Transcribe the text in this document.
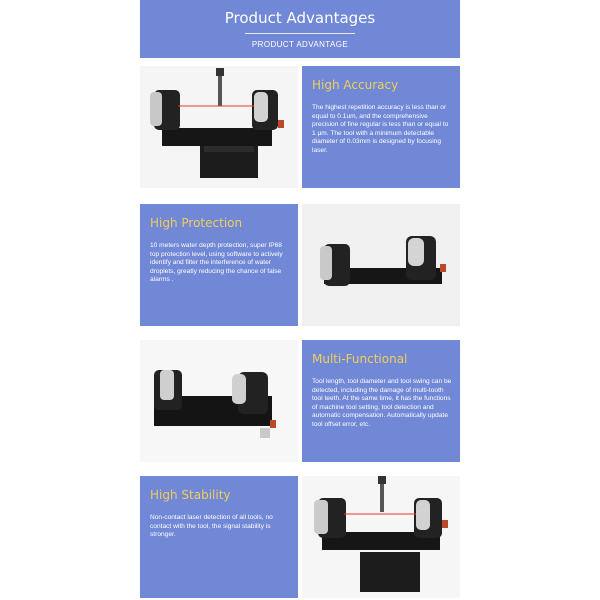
Product Advantages
PRODUCT ADVANTAGE
High Accuracy
The highest repetition accuracy is less than or equal to 0.1um, and the comprehensive precision of fine regular is less than or equal to 1 μm. The tool with a minimum detectable diameter of 0.03mm is designed by focusing laser.
High Protection
10 meters water depth protection, super IP68 top protection level, using software to actively identify and filter the interference of water droplets, greatly reducing the chance of false alarms .
Multi-Functional
Tool length, tool diameter and tool swing can be detected, including the damage of multi-tooth tool teeth. At the same time, it has the functions of machine tool setting, tool detection and automatic compensation. Automatically update tool offset error, etc.
High Stability
Non-contact laser detection of all tools, no contact with the tool, the signal stability is stronger.
